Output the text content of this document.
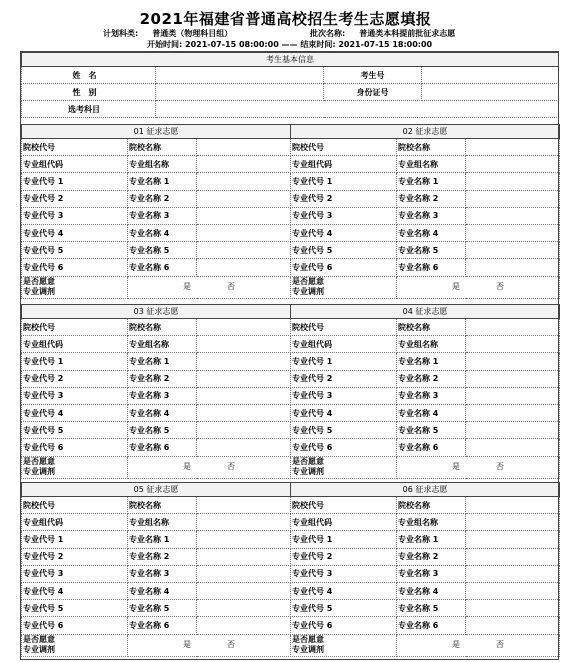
2021年福建省普通高校招生考生志愿填报
计划科类: 普通类（物理科目组）	批次名称: 普通类本科提前批征求志愿
开始时间: 2021-07-15 08:00:00 —— 结束时间: 2021-07-15 18:00:00
考生基本信息			
姓名		考生号	
性别		身份证号	
选考科目			
01 征求志愿		
院校代号	院校名称	
专业组代码	专业组名称	
专业代号 1	专业名称 1	
专业代号 2	专业名称 2	
专业代号 3	专业名称 3	
专业代号 4	专业名称 4	
专业代号 5	专业名称 5	
专业代号 6	专业名称 6	
是否愿意
专业调剂	是 否	
02 征求志愿		
院校代号	院校名称	
专业组代码	专业组名称	
专业代号 1	专业名称 1	
专业代号 2	专业名称 2	
专业代号 3	专业名称 3	
专业代号 4	专业名称 4	
专业代号 5	专业名称 5	
专业代号 6	专业名称 6	
是否愿意
专业调剂	是 否	
03 征求志愿		
院校代号	院校名称	
专业组代码	专业组名称	
专业代号 1	专业名称 1	
专业代号 2	专业名称 2	
专业代号 3	专业名称 3	
专业代号 4	专业名称 4	
专业代号 5	专业名称 5	
专业代号 6	专业名称 6	
是否愿意
专业调剂	是 否	
04 征求志愿		
院校代号	院校名称	
专业组代码	专业组名称	
专业代号 1	专业名称 1	
专业代号 2	专业名称 2	
专业代号 3	专业名称 3	
专业代号 4	专业名称 4	
专业代号 5	专业名称 5	
专业代号 6	专业名称 6	
是否愿意
专业调剂	是 否	
05 征求志愿		
院校代号	院校名称	
专业组代码	专业组名称	
专业代号 1	专业名称 1	
专业代号 2	专业名称 2	
专业代号 3	专业名称 3	
专业代号 4	专业名称 4	
专业代号 5	专业名称 5	
专业代号 6	专业名称 6	
是否愿意
专业调剂	是 否	
06 征求志愿		
院校代号	院校名称	
专业组代码	专业组名称	
专业代号 1	专业名称 1	
专业代号 2	专业名称 2	
专业代号 3	专业名称 3	
专业代号 4	专业名称 4	
专业代号 5	专业名称 5	
专业代号 6	专业名称 6	
是否愿意
专业调剂	是 否	
